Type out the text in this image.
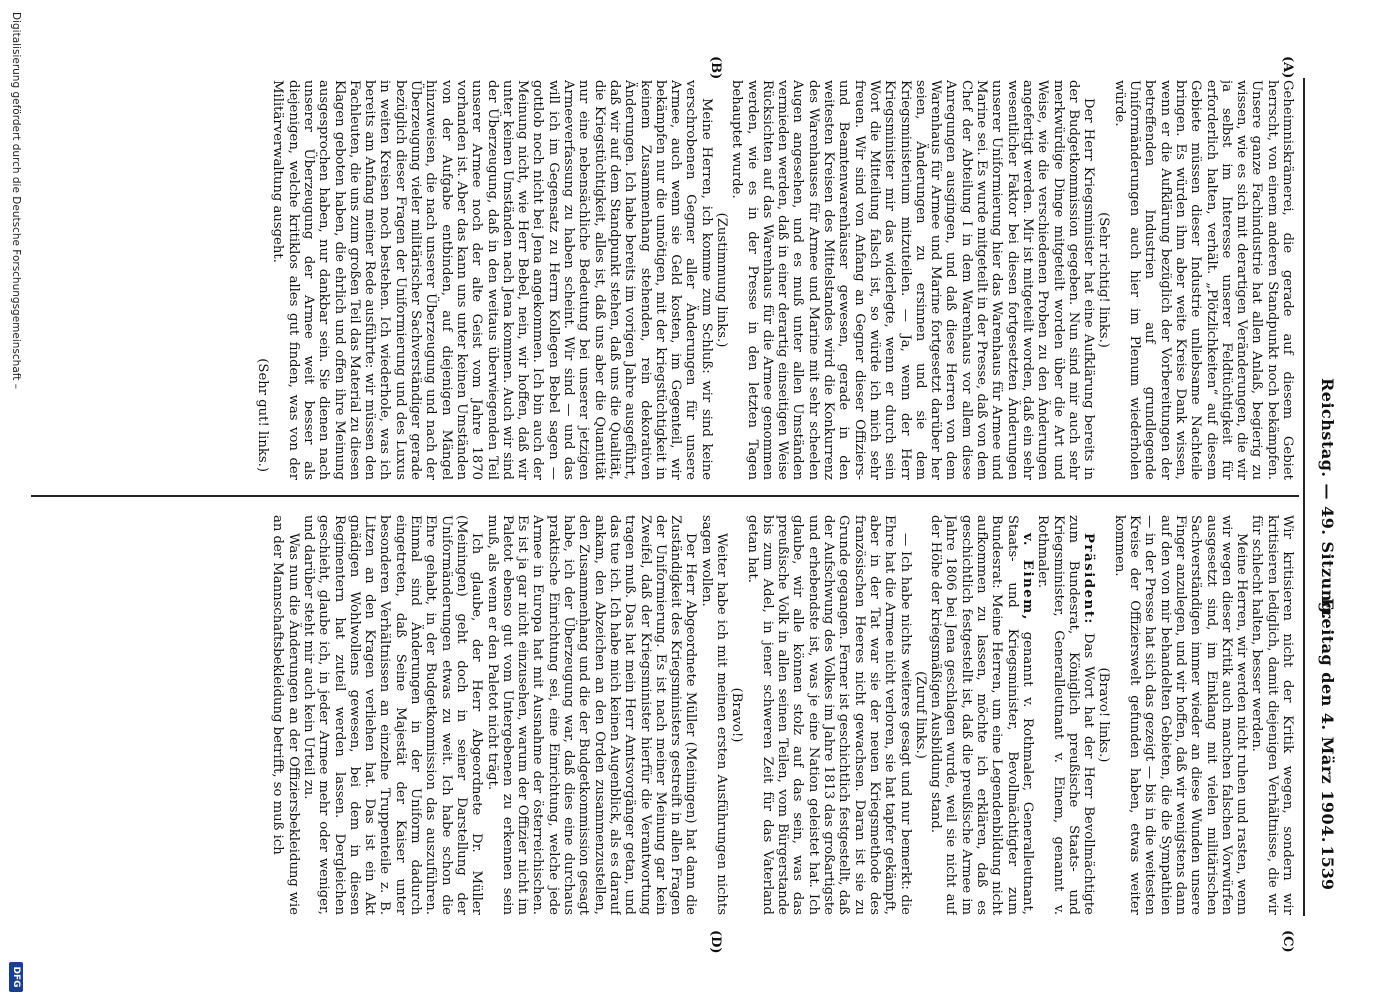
Reichstag. — 49. Sitzung.
Freitag den 4. März 1904.
1539
(A)
(B)
(C)
(D)

Geheimniskrämerei, die gerade auf diesem Gebiet herrscht, von einem anderen Standpunkt noch bekämpfen. Unsere ganze Fachindustrie hat allen Anlaß, begierig zu wissen, wie es sich mit derartigen Veränderungen, die wir ja selbst im Interesse unserer Feldtüchtigkeit für erforderlich halten, verhält. „Plötzlichkeiten“ auf diesem Gebiete müssen dieser Industrie unliebsame Nachteile bringen. Es würden ihm aber weite Kreise Dank wissen, wenn er die Aufklärung bezüglich der Vorbereitungen der betreffenden Industrien auf grundlegende Uniformänderungen auch hier im Plenum wiederholen würde.

(Sehr richtig! links.)

Der Herr Kriegsminister hat eine Aufklärung bereits in der Budgetkommission gegeben. Nun sind mir auch sehr merkwürdige Dinge mitgeteilt worden über die Art und Weise, wie die verschiedenen Proben zu den Änderungen angefertigt werden. Mir ist mitgeteilt worden, daß ein sehr wesentlicher Faktor bei diesen fortgesetzten Änderungen unserer Uniformierung hier das Warenhaus für Armee und Marine sei. Es wurde mitgeteilt in der Presse, daß von dem Chef der Abteilung I in dem Warenhaus vor allem diese Anregungen ausgingen, und daß diese Herren von dem Warenhaus für Armee und Marine fortgesetzt darüber her seien, Änderungen zu ersinnen und sie dem Kriegsministerium mitzuteilen. — Ja, wenn der Herr Kriegsminister mir das widerlegte, wenn er durch sein Wort die Mitteilung falsch ist, so würde ich mich sehr freuen. Wir sind von Anfang an Gegner dieser Offiziers- und Beamtenwarenhäuser gewesen, gerade in den weitesten Kreisen des Mittelstandes wird die Konkurrenz des Warenhauses für Armee und Marine mit sehr scheelen Augen angesehen, und es muß unter allen Umständen vermieden werden, daß in einer derartig einseitigen Weise Rücksichten auf das Warenhaus für die Armee genommen werden, wie es in der Presse in den letzten Tagen behauptet wurde.

(Zustimmung links.)

Meine Herren, ich komme zum Schluß: wir sind keine verschrobenen Gegner aller Änderungen für unsere Armee, auch wenn sie Geld kosten, im Gegenteil, wir bekämpfen nur die unnötigen, mit der kriegstüchtigkeit in keinem Zusammenhang stehenden, rein dekorativen Änderungen. Ich habe bereits im vorigen Jahre ausgeführt, daß wir auf dem Standpunkt stehen, daß uns die Qualität, die Kriegstüchtigkeit, alles ist, daß uns aber die Quantität nur eine nebensächliche Bedeutung bei unserer jetzigen Armeeverfassung zu haben scheint. Wir sind — und das will ich im Gegensatz zu Herrn Kollegen Bebel sagen — gottlob noch nicht bei Jena angekommen. Ich bin auch der Meinung nicht, wie Herr Bebel, nein, wir hoffen, daß wir unter keinen Umständen nach Jena kommen. Auch wir sind der Überzeugung, daß in den weitaus überwiegenden Teil unserer Armee noch der alte Geist vom Jahre 1870 vorhanden ist. Aber das kann uns unter keinen Umständen von der Aufgabe entbinden, auf diejenigen Mängel hinzuweisen, die nach unserer Überzeugung und nach der Überzeugung vieler militärischer Sachverständiger gerade bezüglich dieser Fragen der Uniformierung und des Luxus in weiten Kreisen noch bestehen. Ich wiederhole, was ich bereits am Anfang meiner Rede ausführte: wir müssen den Fachleuten, die uns zum großen Teil das Material zu diesen Klagen geboten haben, die ehrlich und offen ihre Meinung ausgesprochen haben, nur dankbar sein. Sie dienen nach unserer Überzeugung der Armee weit besser als diejenigen, welche kritiklos alles gut finden, was von der Militärverwaltung ausgeht.

(Sehr gut! links.)

Wir kritisieren nicht der Kritik wegen, sondern wir kritisieren lediglich, damit diejenigen Verhältnisse, die wir für schlecht halten, besser werden.

Meine Herren, wir werden nicht ruhen und rasten, wenn wir wegen dieser Kritik auch manchen falschen Vorwürfen ausgesetzt sind, im Einklang mit vielen militärischen Sachverständigen immer wieder an diese Wunden unsere Finger anzulegen, und wir hoffen, daß wir wenigstens dann auf den von mir behandelten Gebieten, die die Sympathien — in der Presse hat sich das gezeigt — bis in die weitesten Kreise der Offizierswelt gefunden haben, etwas weiter kommen.

(Bravo! links.)

Präsident: Das Wort hat der Herr Bevollmächtigte zum Bundesrat, Königlich preußische Staats- und Kriegsminister, Generalleutnant v. Einem, genannt v. Rothmaler.

v. Einem, genannt v. Rothmaler, Generalleutnant, Staats- und Kriegsminister, Bevollmächtigter zum Bundesrat: Meine Herren, um eine Legendenbildung nicht aufkommen zu lassen, möchte ich erklären, daß es geschichtlich festgestellt ist, daß die preußische Armee im Jahre 1806 bei Jena geschlagen wurde, weil sie nicht auf der Höhe der kriegsmäßigen Ausbildung stand.

(Zuruf links.)

— Ich habe nichts weiteres gesagt und nur bemerkt: die Ehre hat die Armee nicht verloren, sie hat tapfer gekämpft, aber in der Tat war sie der neuen Kriegsmethode des französischen Heeres nicht gewachsen. Daran ist sie zu Grunde gegangen. Ferner ist geschichtlich festgestellt, daß der Aufschwung des Volkes im Jahre 1813 das großartigste und erhebendste ist, was je eine Nation geleistet hat. Ich glaube, wir alle können stolz auf das sein, was das preußische Volk in allen seinen Teilen, vom Bürgerstande bis zum Adel, in jener schweren Zeit für das Vaterland getan hat.

(Bravo!)

Weiter habe ich mit meinen ersten Ausführungen nichts sagen wollen.

Der Herr Abgeordnete Müller (Meiningen) hat dann die Zuständigkeit des Kriegsministers gestreift in allen Fragen der Uniformierung. Es ist nach meiner Meinung gar kein Zweifel, daß der Kriegsminister hierfür die Verantwortung tragen muß. Das hat mein Herr Amtsvorgänger getan, und das tue ich. Ich habe mich keinen Augenblick, als es darauf ankam, den Abzeichen an den Orden zusammenzustellen, den Zusammenhang und die der Budgetkommission gesagt habe, ich der Überzeugung war, daß dies eine durchaus praktische Einrichtung sei, eine Einrichtung, welche jede Armee in Europa hat mit Ausnahme der österreichischen. Es ist ja gar nicht einzusehen, warum der Offizier nicht im Paletot ebenso gut vom Untergebenen zu erkennen sein muß, als wenn er den Paletot nicht trägt.

Ich glaube, der Herr Abgeordnete Dr. Müller (Meiningen) geht doch in seiner Darstellung der Uniformänderungen etwas zu weit. Ich habe schon die Ehre gehabt, in der Budgetkommission das auszuführen. Einmal sind Änderungen in der Uniform dadurch eingetreten, daß Seine Majestät der Kaiser unter besonderen Verhältnissen an einzelne Truppenteile z. B. Litzen an den Kragen verliehen hat. Das ist ein Akt gnädigen Wohlwollens gewesen, bei dem in diesen Regimentern hat zuteil werden lassen. Dergleichen geschieht, glaube ich, in jeder Armee mehr oder weniger, und darüber steht mir auch kein Urteil zu.

Was nun die Änderungen an der Offiziersbekleidung wie an der Mannschaftsbekleidung betrifft, so muß ich

Digitalisierung gefördert durch die Deutsche Forschungsgemeinschaft –
DFG
